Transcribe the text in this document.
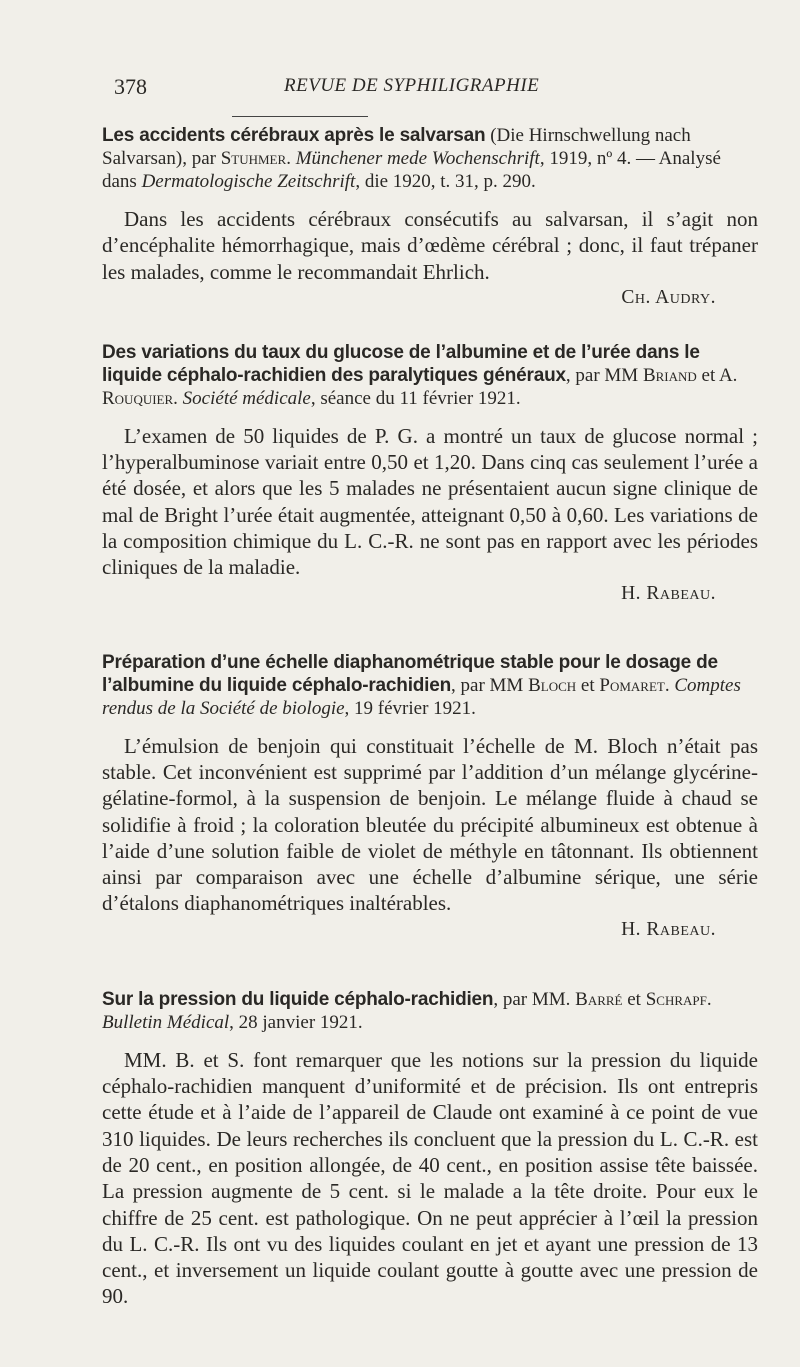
378	REVUE DE SYPHILIGRAPHIE

Les accidents cérébraux après le salvarsan (Die Hirnschwellung nach Salvarsan), par Stuhmer. Münchener mede Wochenschrift, 1919, nº 4. — Analysé dans Dermatologische Zeitschrift, die 1920, t. 31, p. 290.

Dans les accidents cérébraux consécutifs au salvarsan, il s’agit non d’encéphalite hémorrhagique, mais d’œdème cérébral ; donc, il faut trépaner les malades, comme le recommandait Ehrlich.

Ch. Audry.

Des variations du taux du glucose de l’albumine et de l’urée dans le liquide céphalo-rachidien des paralytiques généraux, par MM Briand et A. Rouquier. Société médicale, séance du 11 février 1921.

L’examen de 50 liquides de P. G. a montré un taux de glucose normal ; l’hyperalbuminose variait entre 0,50 et 1,20. Dans cinq cas seulement l’urée a été dosée, et alors que les 5 malades ne présentaient aucun signe clinique de mal de Bright l’urée était augmentée, atteignant 0,50 à 0,60. Les variations de la composition chimique du L. C.-R. ne sont pas en rapport avec les périodes cliniques de la maladie.

H. Rabeau.

Préparation d’une échelle diaphanométrique stable pour le dosage de l’albumine du liquide céphalo-rachidien, par MM Bloch et Pomaret. Comptes rendus de la Société de biologie, 19 février 1921.

L’émulsion de benjoin qui constituait l’échelle de M. Bloch n’était pas stable. Cet inconvénient est supprimé par l’addition d’un mélange glycérine-gélatine-formol, à la suspension de benjoin. Le mélange fluide à chaud se solidifie à froid ; la coloration bleutée du précipité albumineux est obtenue à l’aide d’une solution faible de violet de méthyle en tâtonnant. Ils obtiennent ainsi par comparaison avec une échelle d’albumine sérique, une série d’étalons diaphanométriques inaltérables.

H. Rabeau.

Sur la pression du liquide céphalo-rachidien, par MM. Barré et Schrapf. Bulletin Médical, 28 janvier 1921.

MM. B. et S. font remarquer que les notions sur la pression du liquide céphalo-rachidien manquent d’uniformité et de précision. Ils ont entrepris cette étude et à l’aide de l’appareil de Claude ont examiné à ce point de vue 310 liquides. De leurs recherches ils concluent que la pression du L. C.-R. est de 20 cent., en position allongée, de 40 cent., en position assise tête baissée. La pression augmente de 5 cent. si le malade a la tête droite. Pour eux le chiffre de 25 cent. est pathologique. On ne peut apprécier à l’œil la pression du L. C.-R. Ils ont vu des liquides coulant en jet et ayant une pression de 13 cent., et inversement un liquide coulant goutte à goutte avec une pression de 90.
